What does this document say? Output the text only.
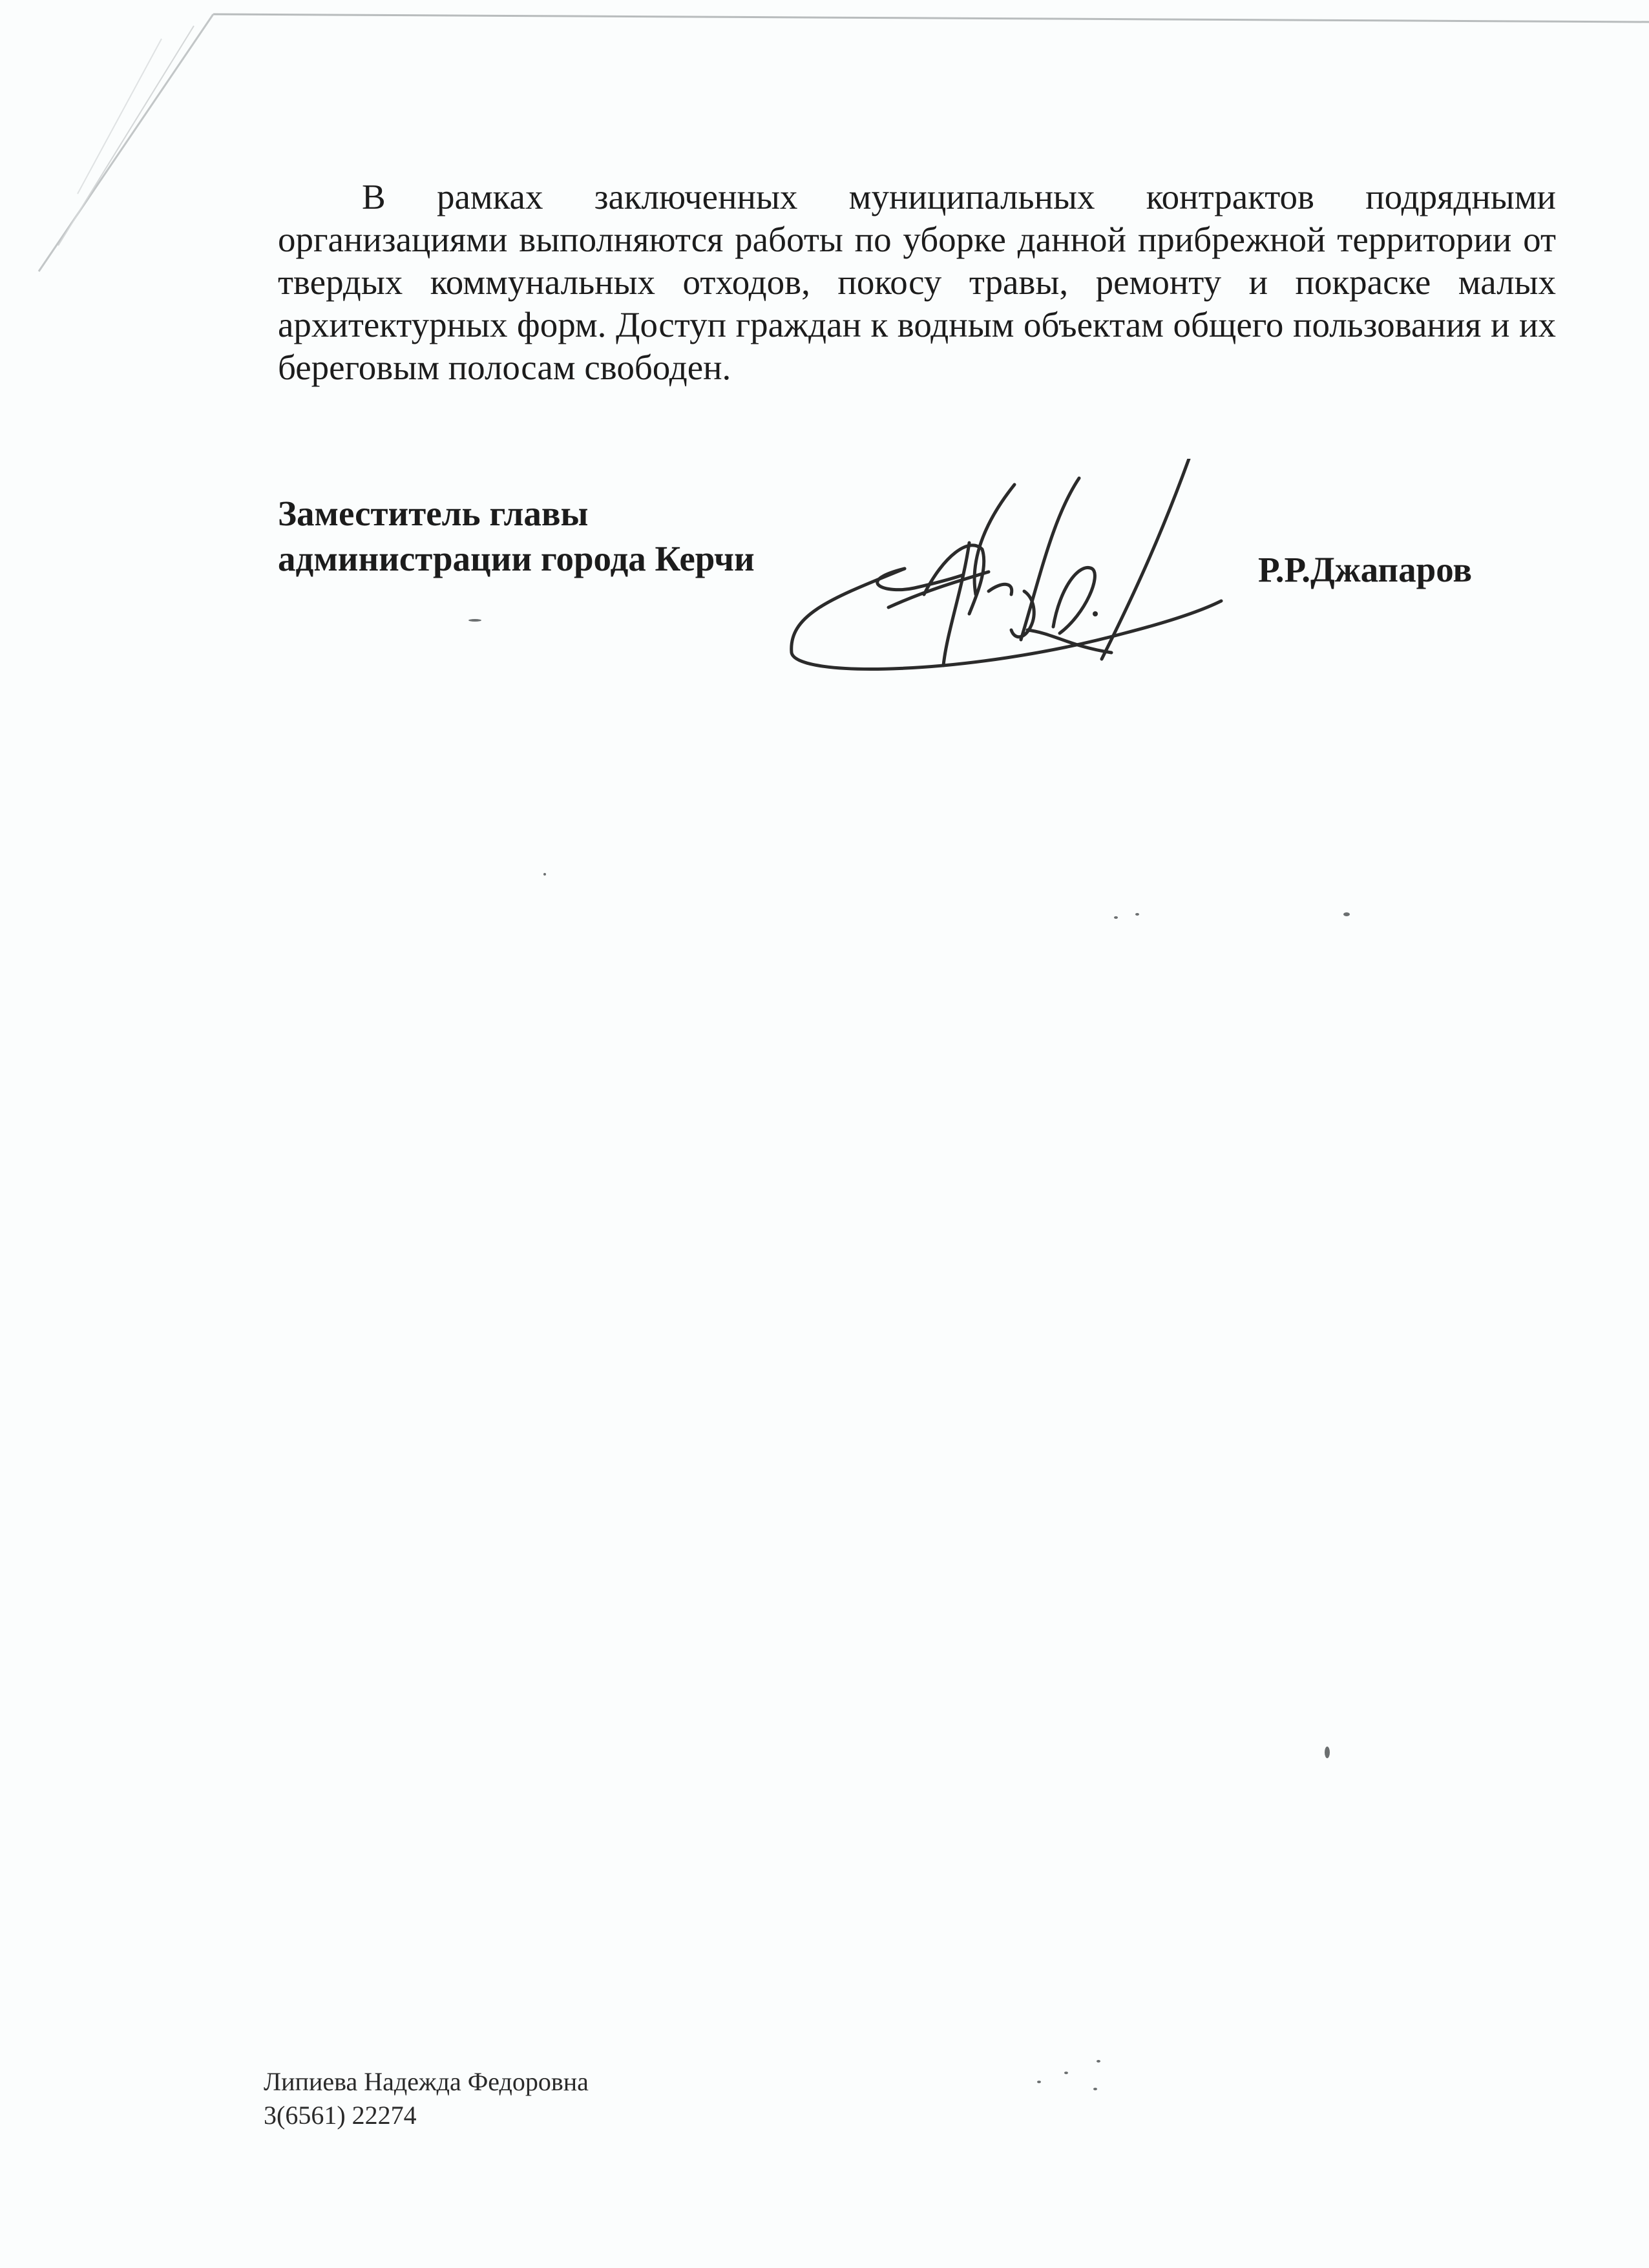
В рамках заключенных муниципальных контрактов подрядными организациями выполняются работы по уборке данной прибрежной территории от твердых коммунальных отходов, покосу травы, ремонту и покраске малых архитектурных форм. Доступ граждан к водным объектам общего пользования и их береговым полосам свободен.

Заместитель главы
администрации города Керчи	Р.Р.Джапаров
Липиева Надежда Федоровна
3(6561) 22274
